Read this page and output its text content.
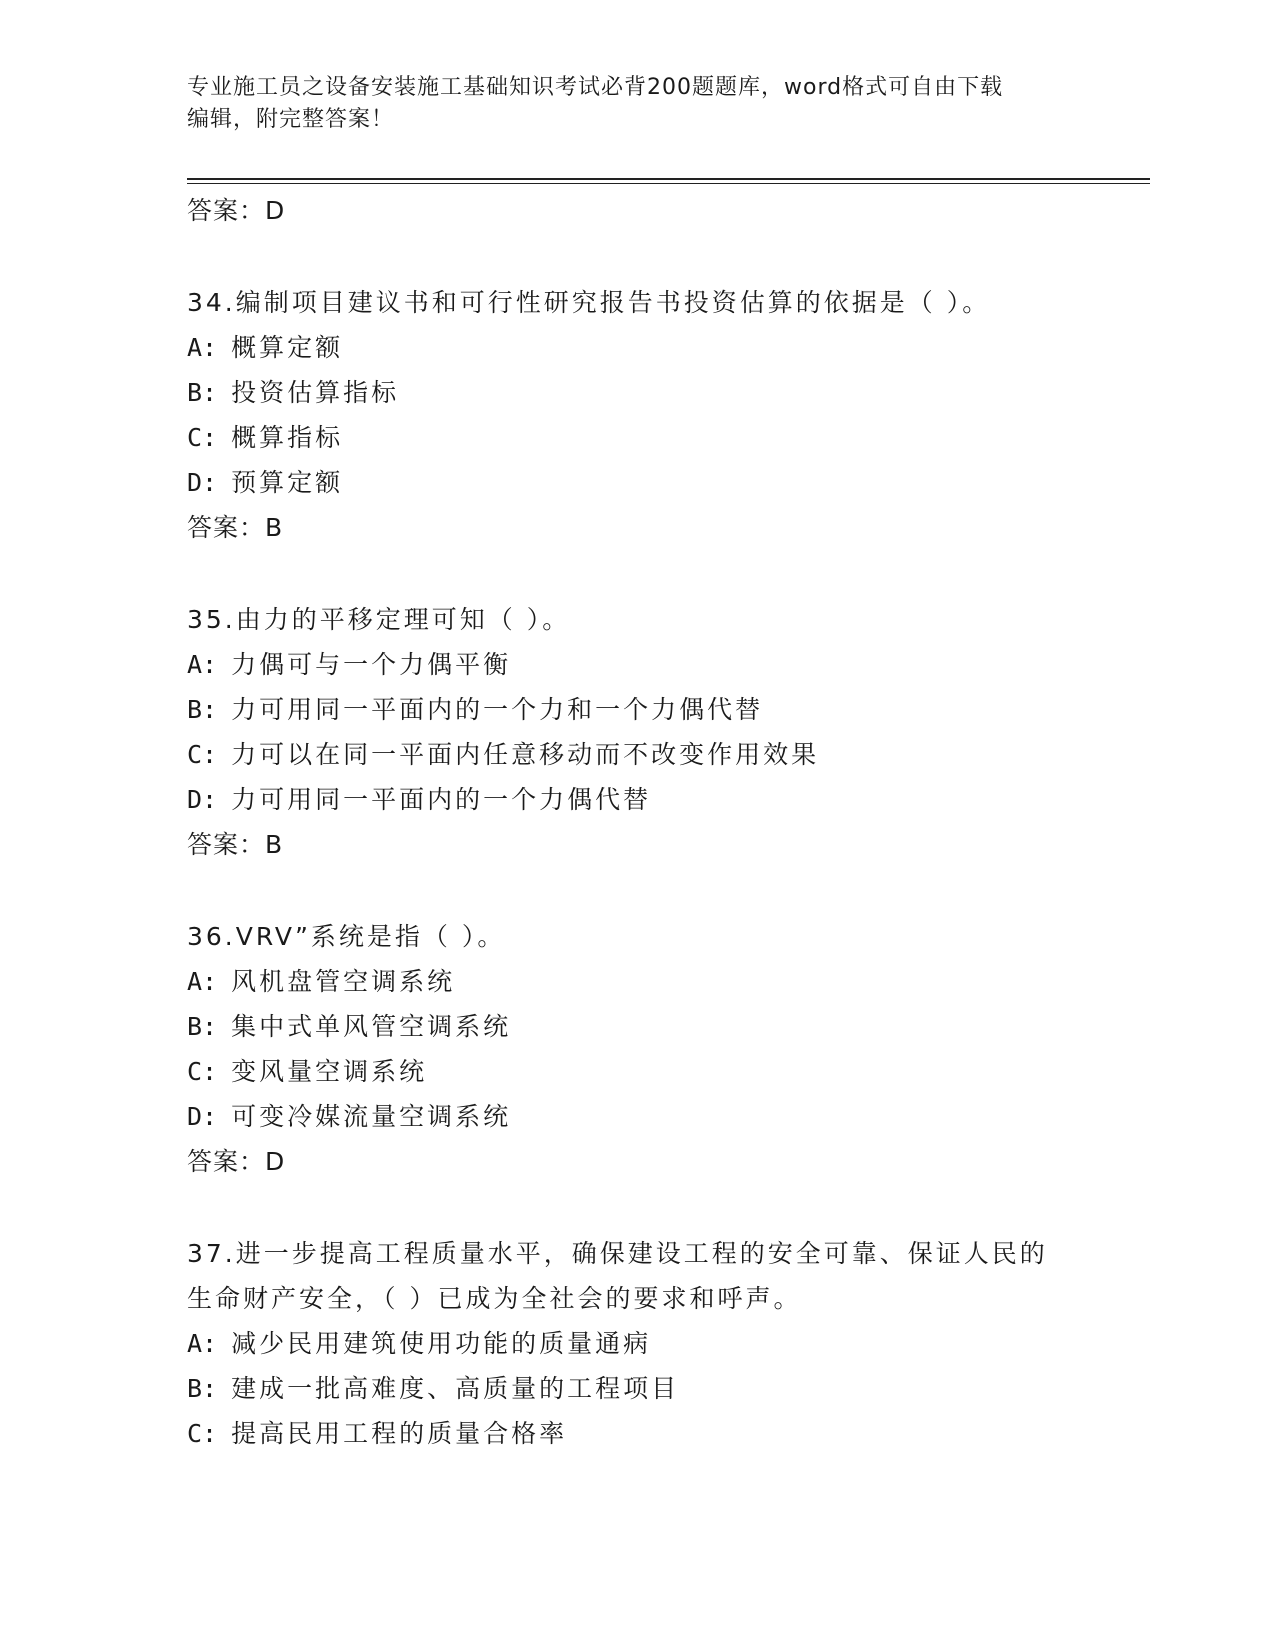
专业施工员之设备安装施工基础知识考试必背200题题库，word格式可自由下载
编辑，附完整答案！
答案：D
34.编制项目建议书和可行性研究报告书投资估算的依据是（ ）。
A: 概算定额
B: 投资估算指标
C: 概算指标
D: 预算定额
答案：B
35.由力的平移定理可知（ ）。
A: 力偶可与一个力偶平衡
B: 力可用同一平面内的一个力和一个力偶代替
C: 力可以在同一平面内任意移动而不改变作用效果
D: 力可用同一平面内的一个力偶代替
答案：B
36.VRV”系统是指（ ）。
A: 风机盘管空调系统
B: 集中式单风管空调系统
C: 变风量空调系统
D: 可变冷媒流量空调系统
答案：D
37.进一步提高工程质量水平，确保建设工程的安全可靠、保证人民的
生命财产安全，（ ）已成为全社会的要求和呼声。
A: 减少民用建筑使用功能的质量通病
B: 建成一批高难度、高质量的工程项目
C: 提高民用工程的质量合格率
